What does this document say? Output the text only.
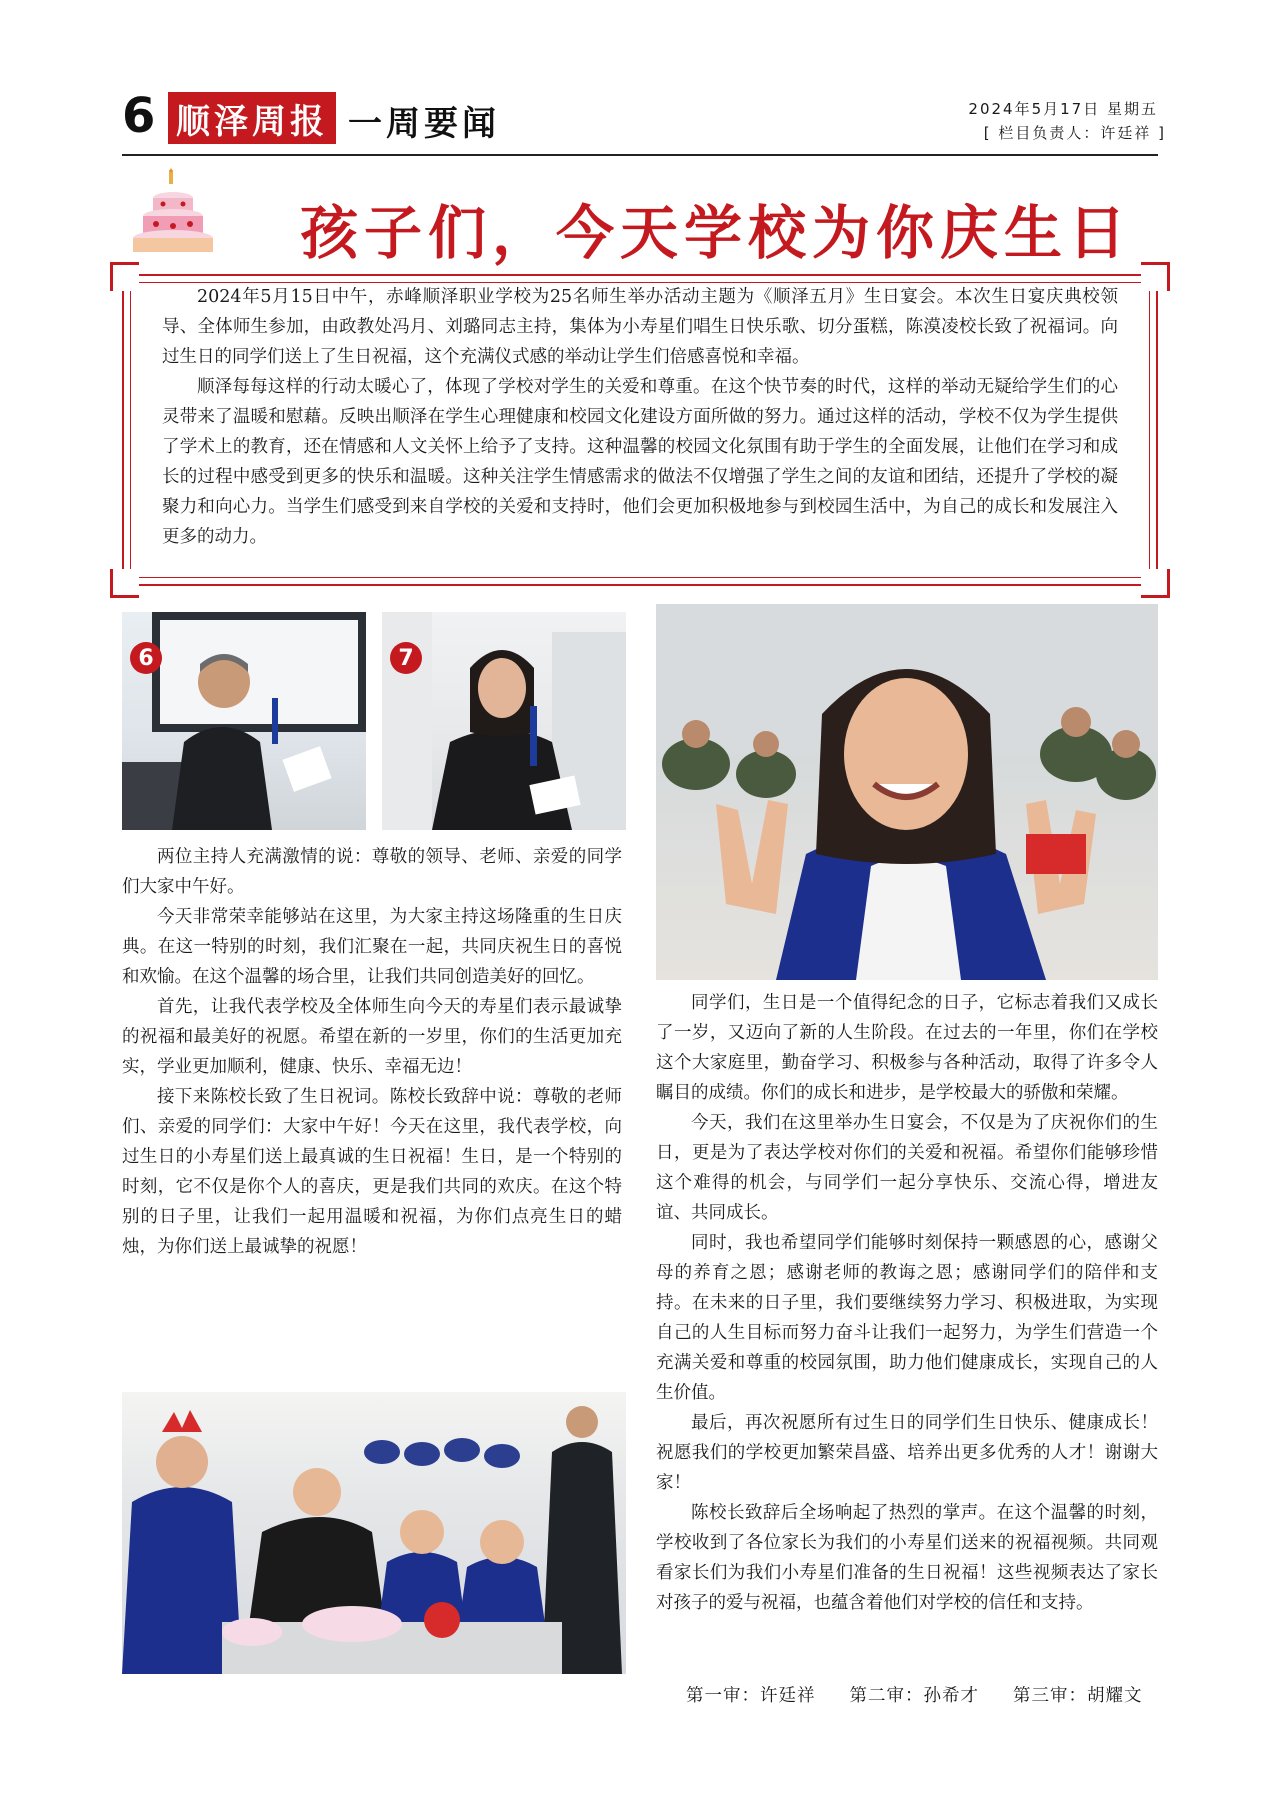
6 顺泽周报 一周要闻	2024年5月17日 星期五
[ 栏目负责人：许廷祥 ]
孩子们，今天学校为你庆生日

2024年5月15日中午，赤峰顺泽职业学校为25名师生举办活动主题为《顺泽五月》生日宴会。本次生日宴庆典校领导、全体师生参加，由政教处冯月、刘璐同志主持，集体为小寿星们唱生日快乐歌、切分蛋糕，陈漠凌校长致了祝福词。向过生日的同学们送上了生日祝福，这个充满仪式感的举动让学生们倍感喜悦和幸福。

顺泽每每这样的行动太暖心了，体现了学校对学生的关爱和尊重。在这个快节奏的时代，这样的举动无疑给学生们的心灵带来了温暖和慰藉。反映出顺泽在学生心理健康和校园文化建设方面所做的努力。通过这样的活动，学校不仅为学生提供了学术上的教育，还在情感和人文关怀上给予了支持。这种温馨的校园文化氛围有助于学生的全面发展，让他们在学习和成长的过程中感受到更多的快乐和温暖。这种关注学生情感需求的做法不仅增强了学生之间的友谊和团结，还提升了学校的凝聚力和向心力。当学生们感受到来自学校的关爱和支持时，他们会更加积极地参与到校园生活中，为自己的成长和发展注入更多的动力。

6	7

两位主持人充满激情的说：尊敬的领导、老师、亲爱的同学们大家中午好。

今天非常荣幸能够站在这里，为大家主持这场隆重的生日庆典。在这一特别的时刻，我们汇聚在一起，共同庆祝生日的喜悦和欢愉。在这个温馨的场合里，让我们共同创造美好的回忆。

首先，让我代表学校及全体师生向今天的寿星们表示最诚挚的祝福和最美好的祝愿。希望在新的一岁里，你们的生活更加充实，学业更加顺利，健康、快乐、幸福无边！

接下来陈校长致了生日祝词。陈校长致辞中说：尊敬的老师们、亲爱的同学们：大家中午好！今天在这里，我代表学校，向过生日的小寿星们送上最真诚的生日祝福！生日，是一个特别的时刻，它不仅是你个人的喜庆，更是我们共同的欢庆。在这个特别的日子里，让我们一起用温暖和祝福，为你们点亮生日的蜡烛，为你们送上最诚挚的祝愿！

同学们，生日是一个值得纪念的日子，它标志着我们又成长了一岁，又迈向了新的人生阶段。在过去的一年里，你们在学校这个大家庭里，勤奋学习、积极参与各种活动，取得了许多令人瞩目的成绩。你们的成长和进步，是学校最大的骄傲和荣耀。

今天，我们在这里举办生日宴会，不仅是为了庆祝你们的生日，更是为了表达学校对你们的关爱和祝福。希望你们能够珍惜这个难得的机会，与同学们一起分享快乐、交流心得，增进友谊、共同成长。

同时，我也希望同学们能够时刻保持一颗感恩的心，感谢父母的养育之恩；感谢老师的教诲之恩；感谢同学们的陪伴和支持。在未来的日子里，我们要继续努力学习、积极进取，为实现自己的人生目标而努力奋斗让我们一起努力，为学生们营造一个充满关爱和尊重的校园氛围，助力他们健康成长，实现自己的人生价值。

最后，再次祝愿所有过生日的同学们生日快乐、健康成长！祝愿我们的学校更加繁荣昌盛、培养出更多优秀的人才！谢谢大家！

陈校长致辞后全场响起了热烈的掌声。在这个温馨的时刻，学校收到了各位家长为我们的小寿星们送来的祝福视频。共同观看家长们为我们小寿星们准备的生日祝福！这些视频表达了家长对孩子的爱与祝福，也蕴含着他们对学校的信任和支持。

第一审：许廷祥 第二审：孙希才 第三审：胡耀文
